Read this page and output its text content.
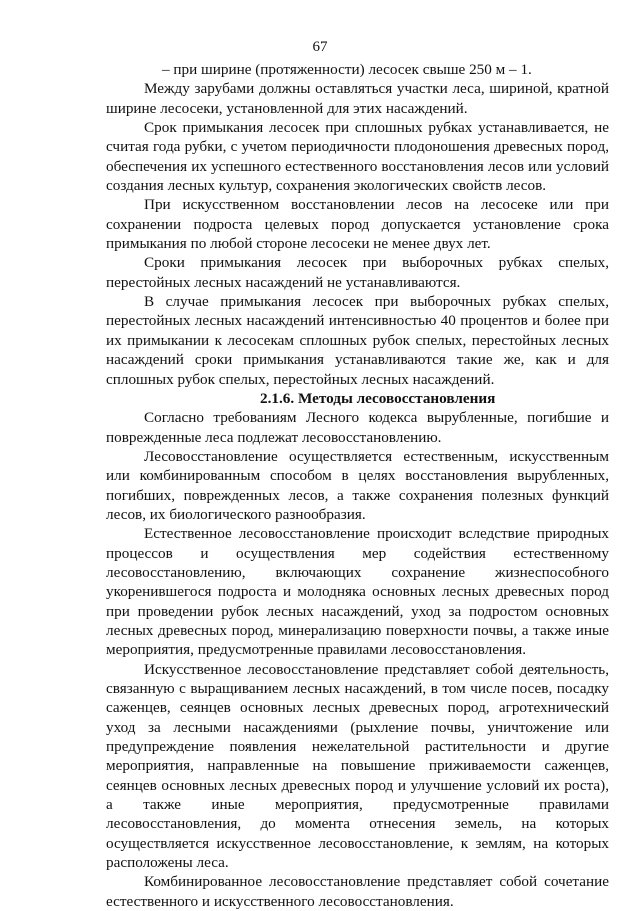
67

– при ширине (протяженности) лесосек свыше 250 м – 1.

Между зарубами должны оставляться участки леса, шириной, кратной ширине лесосеки, установленной для этих насаждений.

Срок примыкания лесосек при сплошных рубках устанавливается, не считая года рубки, с учетом периодичности плодоношения древесных пород, обеспечения их успешного естественного восстановления лесов или условий создания лесных культур, сохранения экологических свойств лесов.

При искусственном восстановлении лесов на лесосеке или при сохранении подроста целевых пород допускается установление срока примыкания по любой стороне лесосеки не менее двух лет.

Сроки примыкания лесосек при выборочных рубках спелых, перестойных лесных насаждений не устанавливаются.

В случае примыкания лесосек при выборочных рубках спелых, перестойных лесных насаждений интенсивностью 40 процентов и более при их примыкании к лесосекам сплошных рубок спелых, перестойных лесных насаждений сроки примыкания устанавливаются такие же, как и для сплошных рубок спелых, перестойных лесных насаждений.

2.1.6. Методы лесовосстановления

Согласно требованиям Лесного кодекса вырубленные, погибшие и поврежденные леса подлежат лесовосстановлению.

Лесовосстановление осуществляется естественным, искусственным или комбинированным способом в целях восстановления вырубленных, погибших, поврежденных лесов, а также сохранения полезных функций лесов, их биологического разнообразия.

Естественное лесовосстановление происходит вследствие природных процессов и осуществления мер содействия естественному лесовосстановлению, включающих сохранение жизнеспособного укоренившегося подроста и молодняка основных лесных древесных пород при проведении рубок лесных насаждений, уход за подростом основных лесных древесных пород, минерализацию поверхности почвы, а также иные мероприятия, предусмотренные правилами лесовосстановления.

Искусственное лесовосстановление представляет собой деятельность, связанную с выращиванием лесных насаждений, в том числе посев, посадку саженцев, сеянцев основных лесных древесных пород, агротехнический уход за лесными насаждениями (рыхление почвы, уничтожение или предупреждение появления нежелательной растительности и другие мероприятия, направленные на повышение приживаемости саженцев, сеянцев основных лесных древесных пород и улучшение условий их роста), а также иные мероприятия, предусмотренные правилами лесовосстановления, до момента отнесения земель, на которых осуществляется искусственное лесовосстановление, к землям, на которых расположены леса.

Комбинированное лесовосстановление представляет собой сочетание естественного и искусственного лесовосстановления.
